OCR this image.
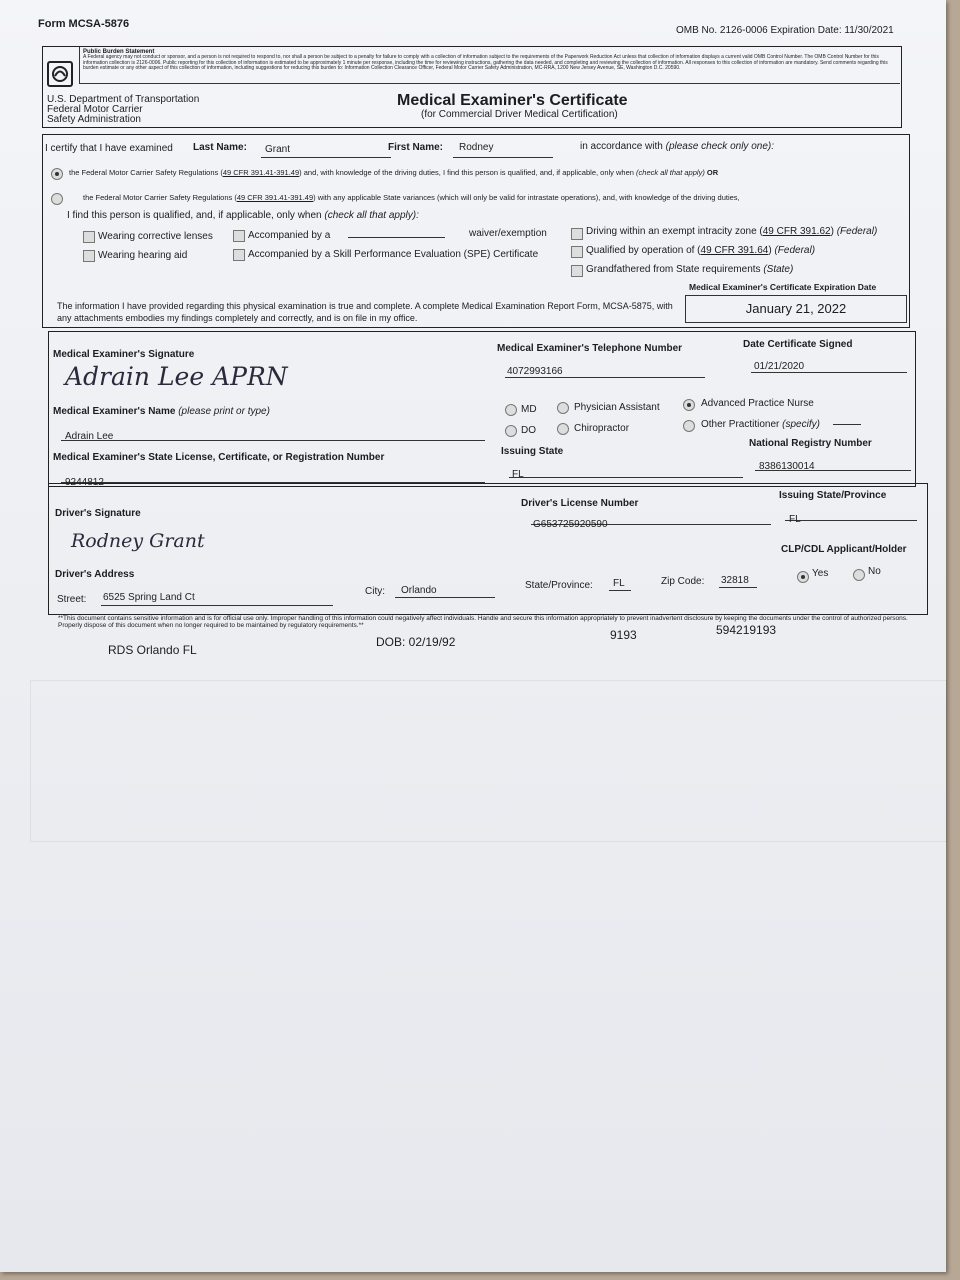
Form MCSA-5876
OMB No. 2126-0006 Expiration Date: 11/30/2021
Public Burden Statement
A Federal agency may not conduct or sponsor, and a person is not required to respond to, nor shall a person be subject to a penalty for failure to comply with a collection of information subject to the requirements of the Paperwork Reduction Act unless that collection of information displays a current valid OMB Control Number. The OMB Control Number for this information collection is 2126-0006. Public reporting for this collection of information is estimated to be approximately 1 minute per response, including the time for reviewing instructions, gathering the data needed, and completing and reviewing the collection of information. All responses to this collection of information are mandatory. Send comments regarding this burden estimate or any other aspect of this collection of information, including suggestions for reducing this burden to: Information Collection Clearance Officer, Federal Motor Carrier Safety Administration, MC-RRA, 1200 New Jersey Avenue, SE, Washington D.C. 20590.
U.S. Department of Transportation
Federal Motor Carrier
Safety Administration
Medical Examiner's Certificate
(for Commercial Driver Medical Certification)
I certify that I have examined Last Name: Grant	First Name: Rodney	in accordance with (please check only one):
the Federal Motor Carrier Safety Regulations (49 CFR 391.41-391.49) and, with knowledge of the driving duties, I find this person is qualified, and, if applicable, only when (check all that apply) OR
the Federal Motor Carrier Safety Regulations (49 CFR 391.41-391.49) with any applicable State variances (which will only be valid for intrastate operations), and, with knowledge of the driving duties,
I find this person is qualified, and, if applicable, only when (check all that apply):
Wearing corrective lenses
Wearing hearing aid
Accompanied by a	waiver/exemption
Accompanied by a Skill Performance Evaluation (SPE) Certificate
Driving within an exempt intracity zone (49 CFR 391.62) (Federal)
Qualified by operation of (49 CFR 391.64) (Federal)
Grandfathered from State requirements (State)
The information I have provided regarding this physical examination is true and complete. A complete Medical Examination Report Form, MCSA-5875, with any attachments embodies my findings completely and correctly, and is on file in my office.
Medical Examiner's Certificate Expiration Date
January 21, 2022
Medical Examiner's Signature
Adrain Lee APRN
Medical Examiner's Telephone Number
4072993166
Date Certificate Signed
01/21/2020
Medical Examiner's Name (please print or type)
Adrain Lee
MD
DO
Physician Assistant
Chiropractor
Advanced Practice Nurse
Other Practitioner (specify)
Medical Examiner's State License, Certificate, or Registration Number
9244812
Issuing State
FL
National Registry Number
8386130014
Driver's Signature
Rodney Grant
Driver's License Number
G653725920590
Issuing State/Province
FL
CLP/CDL Applicant/Holder
Yes	No
Driver's Address
Street: 6525 Spring Land Ct
City: Orlando	State/Province: FL	Zip Code: 32818
**This document contains sensitive information and is for official use only. Improper handling of this information could negatively affect individuals. Handle and secure this information appropriately to prevent inadvertent disclosure by keeping the documents under the control of authorized persons. Properly dispose of this document when no longer required to be maintained by regulatory requirements.**
RDS Orlando FL
DOB: 02/19/92	9193	594219193
